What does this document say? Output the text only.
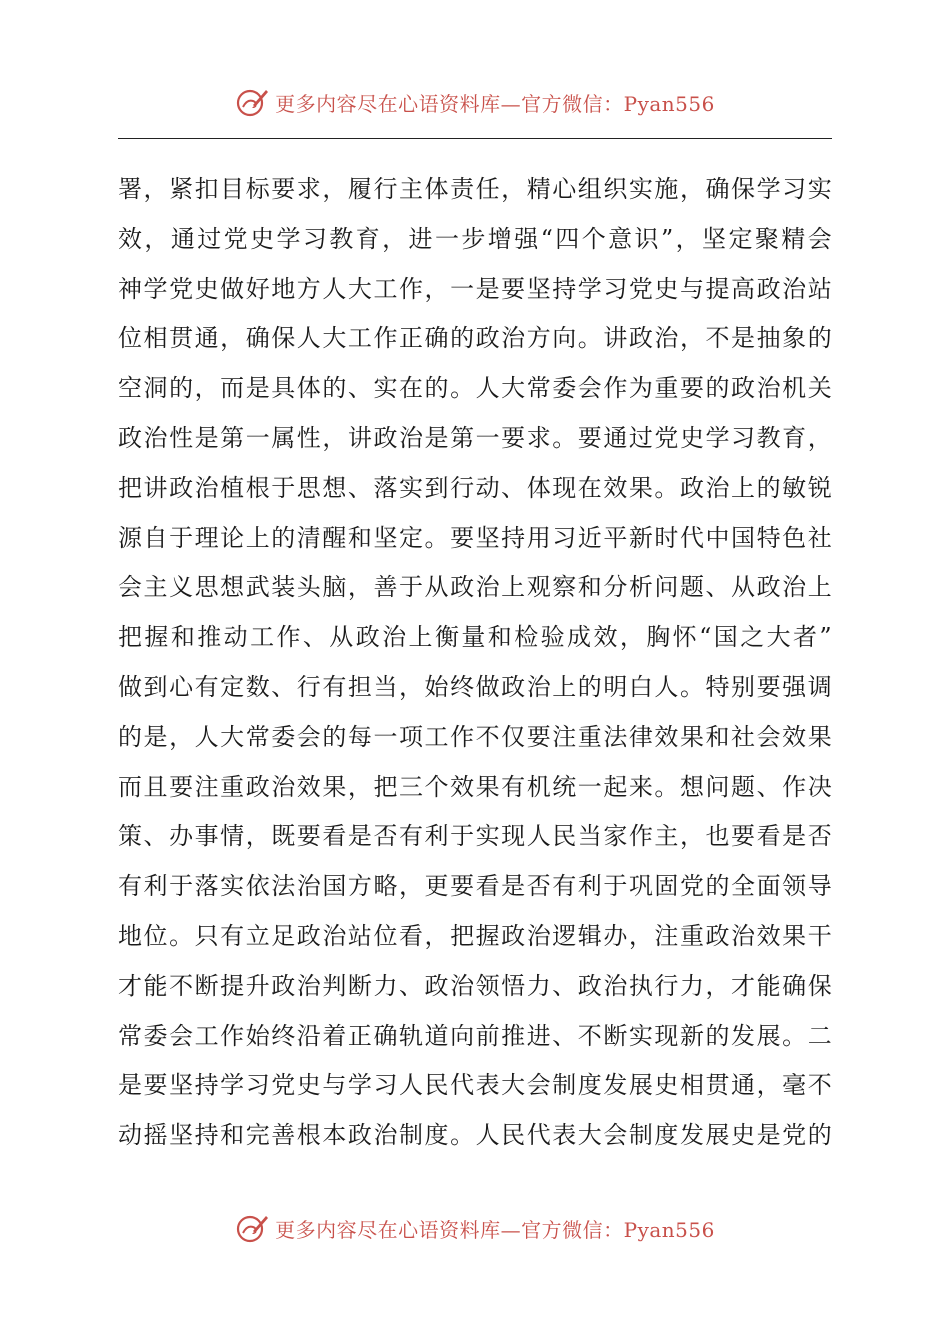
更多内容尽在心语资料库—官方微信：Pyan556
署，紧扣目标要求，履行主体责任，精心组织实施，确保学习实
效，通过党史学习教育，进一步增强“四个意识”，坚定聚精会
神学党史做好地方人大工作，一是要坚持学习党史与提高政治站
位相贯通，确保人大工作正确的政治方向。讲政治，不是抽象的
空洞的，而是具体的、实在的。人大常委会作为重要的政治机关
政治性是第一属性，讲政治是第一要求。要通过党史学习教育，
把讲政治植根于思想、落实到行动、体现在效果。政治上的敏锐
源自于理论上的清醒和坚定。要坚持用习近平新时代中国特色社
会主义思想武装头脑，善于从政治上观察和分析问题、从政治上
把握和推动工作、从政治上衡量和检验成效，胸怀“国之大者”
做到心有定数、行有担当，始终做政治上的明白人。特别要强调
的是，人大常委会的每一项工作不仅要注重法律效果和社会效果
而且要注重政治效果，把三个效果有机统一起来。想问题、作决
策、办事情，既要看是否有利于实现人民当家作主，也要看是否
有利于落实依法治国方略，更要看是否有利于巩固党的全面领导
地位。只有立足政治站位看，把握政治逻辑办，注重政治效果干
才能不断提升政治判断力、政治领悟力、政治执行力，才能确保
常委会工作始终沿着正确轨道向前推进、不断实现新的发展。二
是要坚持学习党史与学习人民代表大会制度发展史相贯通，毫不
动摇坚持和完善根本政治制度。人民代表大会制度发展史是党的
更多内容尽在心语资料库—官方微信：Pyan556
